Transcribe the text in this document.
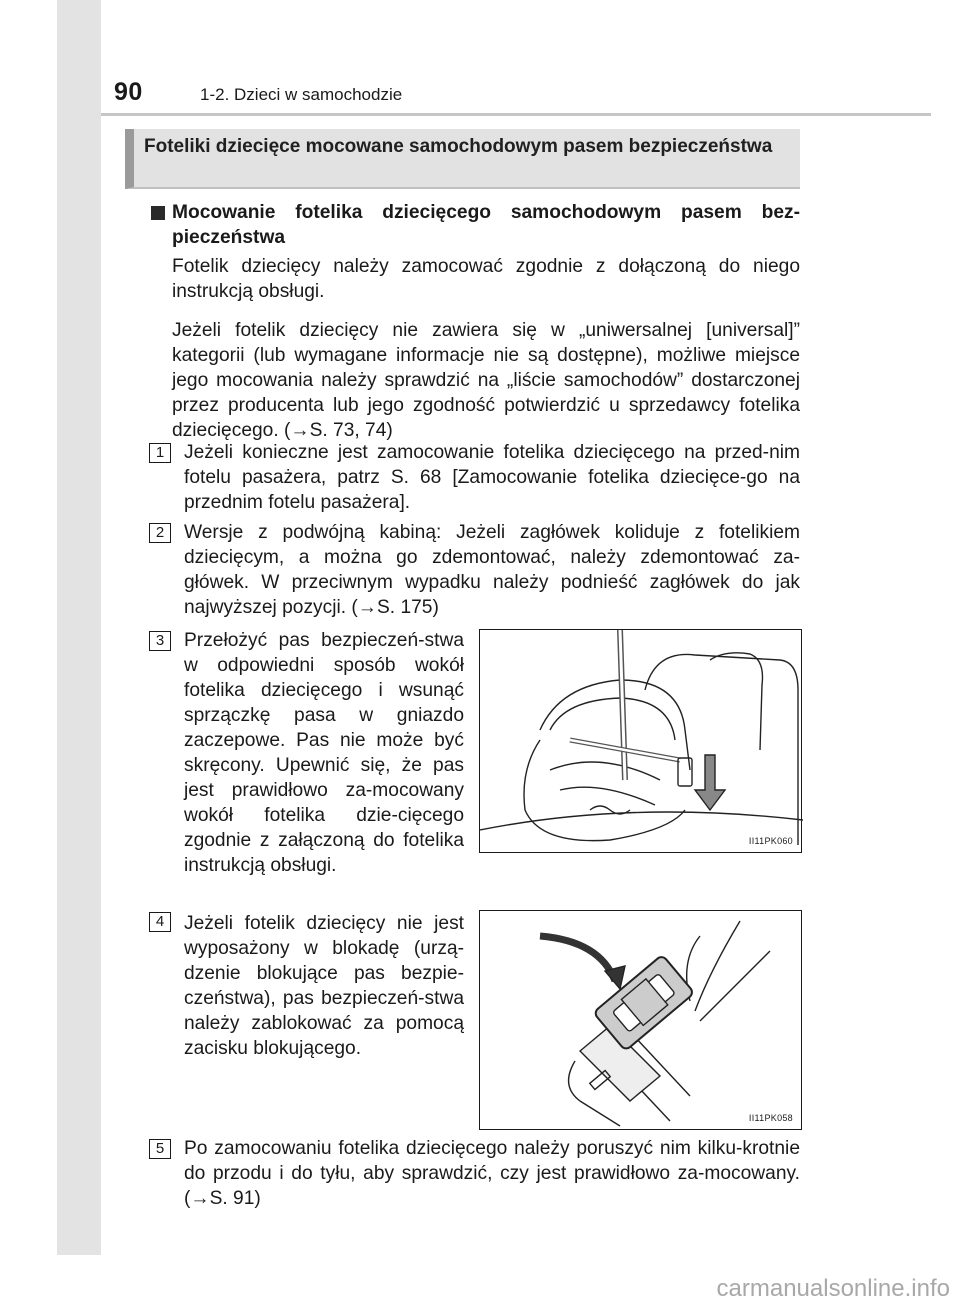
90	1-2. Dzieci w samochodzie
Foteliki dziecięce mocowane samochodowym pasem bezpieczeństwa
Mocowanie fotelika dziecięcego samochodowym pasem bez-pieczeństwa
Fotelik dziecięcy należy zamocować zgodnie z dołączoną do niego instrukcją obsługi.
Jeżeli fotelik dziecięcy nie zawiera się w „uniwersalnej [universal]” kategorii (lub wymagane informacje nie są dostępne), możliwe miejsce jego mocowania należy sprawdzić na „liście samochodów” dostarczonej przez producenta lub jego zgodność potwierdzić u sprzedawcy fotelika dziecięcego. (→S. 73, 74)
1	Jeżeli konieczne jest zamocowanie fotelika dziecięcego na przed-nim fotelu pasażera, patrz S. 68 [Zamocowanie fotelika dziecięce-go na przednim fotelu pasażera].
2	Wersje z podwójną kabiną: Jeżeli zagłówek koliduje z fotelikiem dziecięcym, a można go zdemontować, należy zdemontować za-główek. W przeciwnym wypadku należy podnieść zagłówek do jak najwyższej pozycji. (→S. 175)
3	Przełożyć pas bezpieczeń-stwa w odpowiedni sposób wokół fotelika dziecięcego i wsunąć sprzączkę pasa w gniazdo zaczepowe. Pas nie może być skręcony. Upewnić się, że pas jest prawidłowo za-mocowany wokół fotelika dzie-cięcego zgodnie z załączoną do fotelika instrukcją obsługi.
II11PK060
4	Jeżeli fotelik dziecięcy nie jest wyposażony w blokadę (urzą-dzenie blokujące pas bezpie-czeństwa), pas bezpieczeń-stwa należy zablokować za pomocą zacisku blokującego.
II11PK058
5	Po zamocowaniu fotelika dziecięcego należy poruszyć nim kilku-krotnie do przodu i do tyłu, aby sprawdzić, czy jest prawidłowo za-mocowany. (→S. 91)
carmanualsonline.info
